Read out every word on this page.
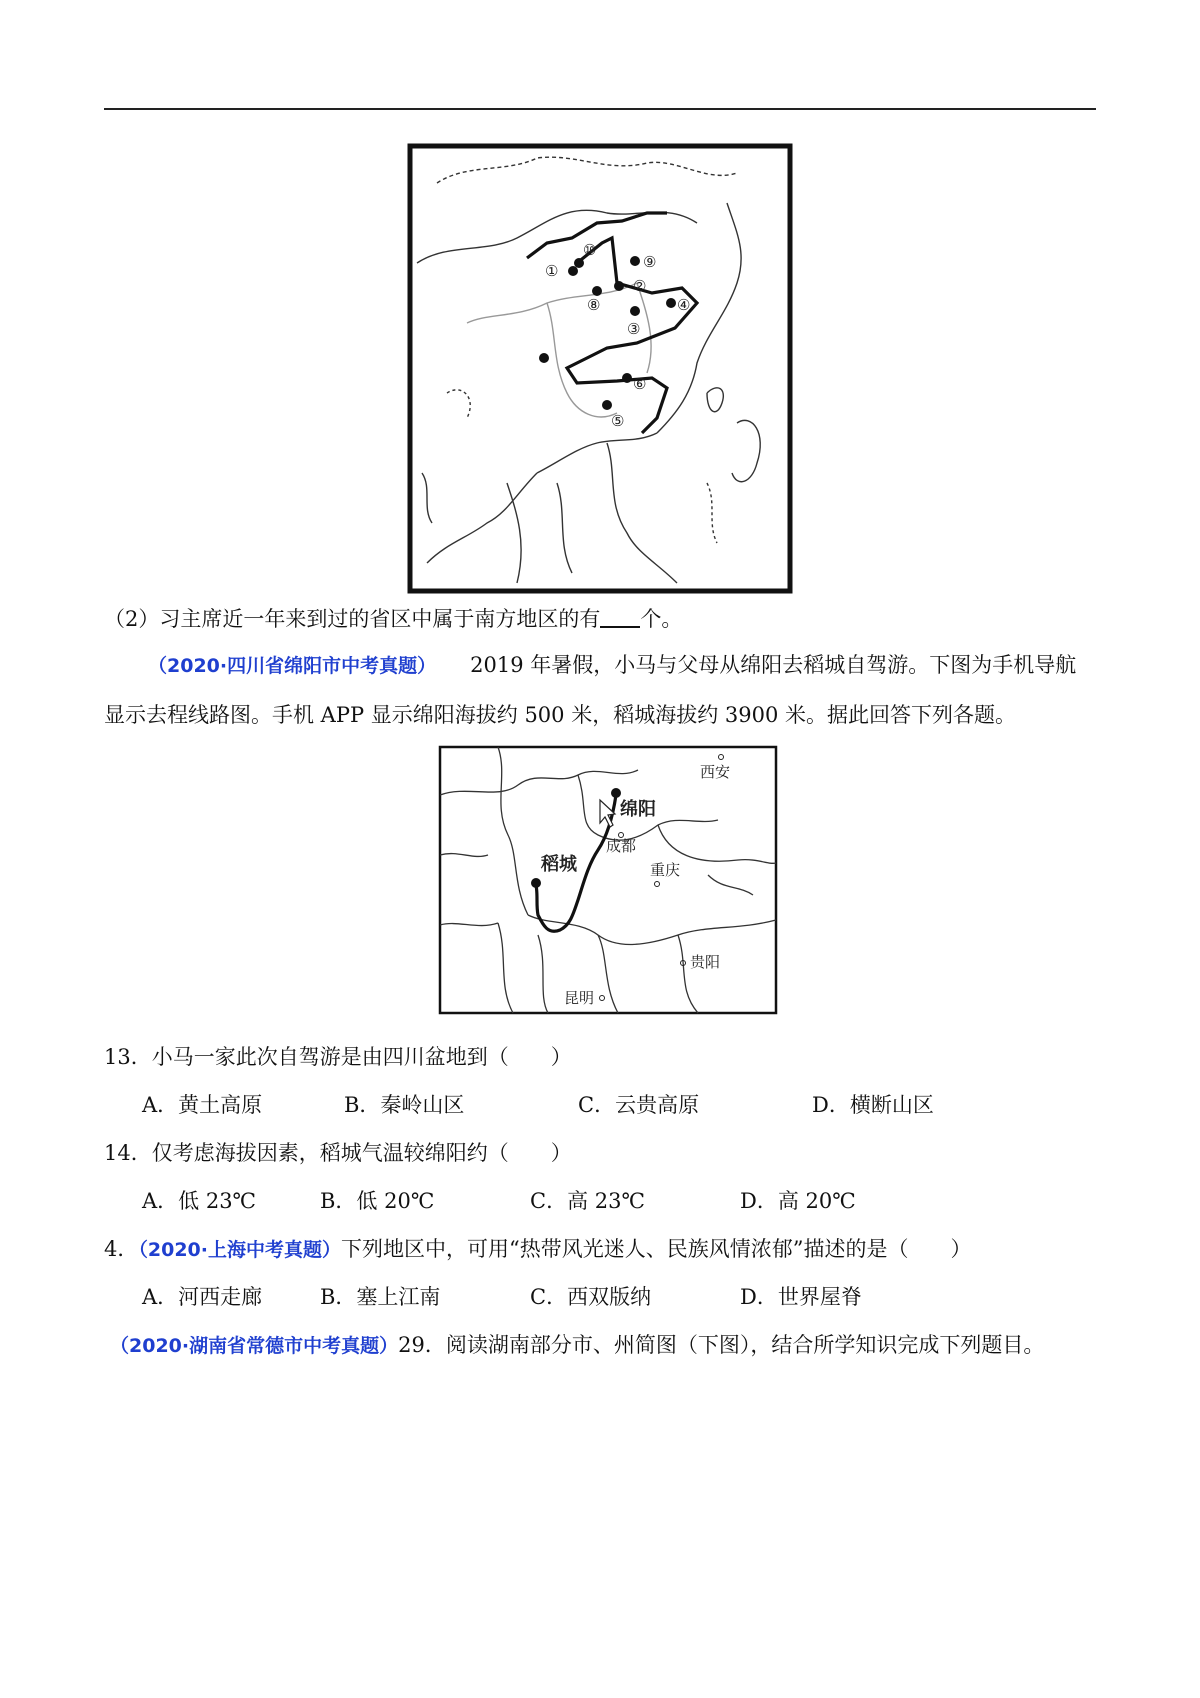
①
②
③
④
⑤
⑥
⑧
⑨
⑩
（2）习主席近一年来到过的省区中属于南方地区的有 个。
（2020·四川省绵阳市中考真题） 2019 年暑假，小马与父母从绵阳去稻城自驾游。下图为手机导航
显示去程线路图。手机 APP 显示绵阳海拔约 500 米，稻城海拔约 3900 米。据此回答下列各题。
西安
绵阳
成都
稻城	重庆
贵阳
昆明
13．小马一家此次自驾游是由四川盆地到（　　）
A．黄土高原	B．秦岭山区	C．云贵高原	D．横断山区
14．仅考虑海拔因素，稻城气温较绵阳约（　　）
A．低 23℃	B．低 20℃	C．高 23℃	D．高 20℃
4．（2020·上海中考真题）下列地区中，可用“热带风光迷人、民族风情浓郁”描述的是（　　）
A．河西走廊	B．塞上江南	C．西双版纳	D．世界屋脊
（2020·湖南省常德市中考真题）29．阅读湖南部分市、州简图（下图），结合所学知识完成下列题目。
